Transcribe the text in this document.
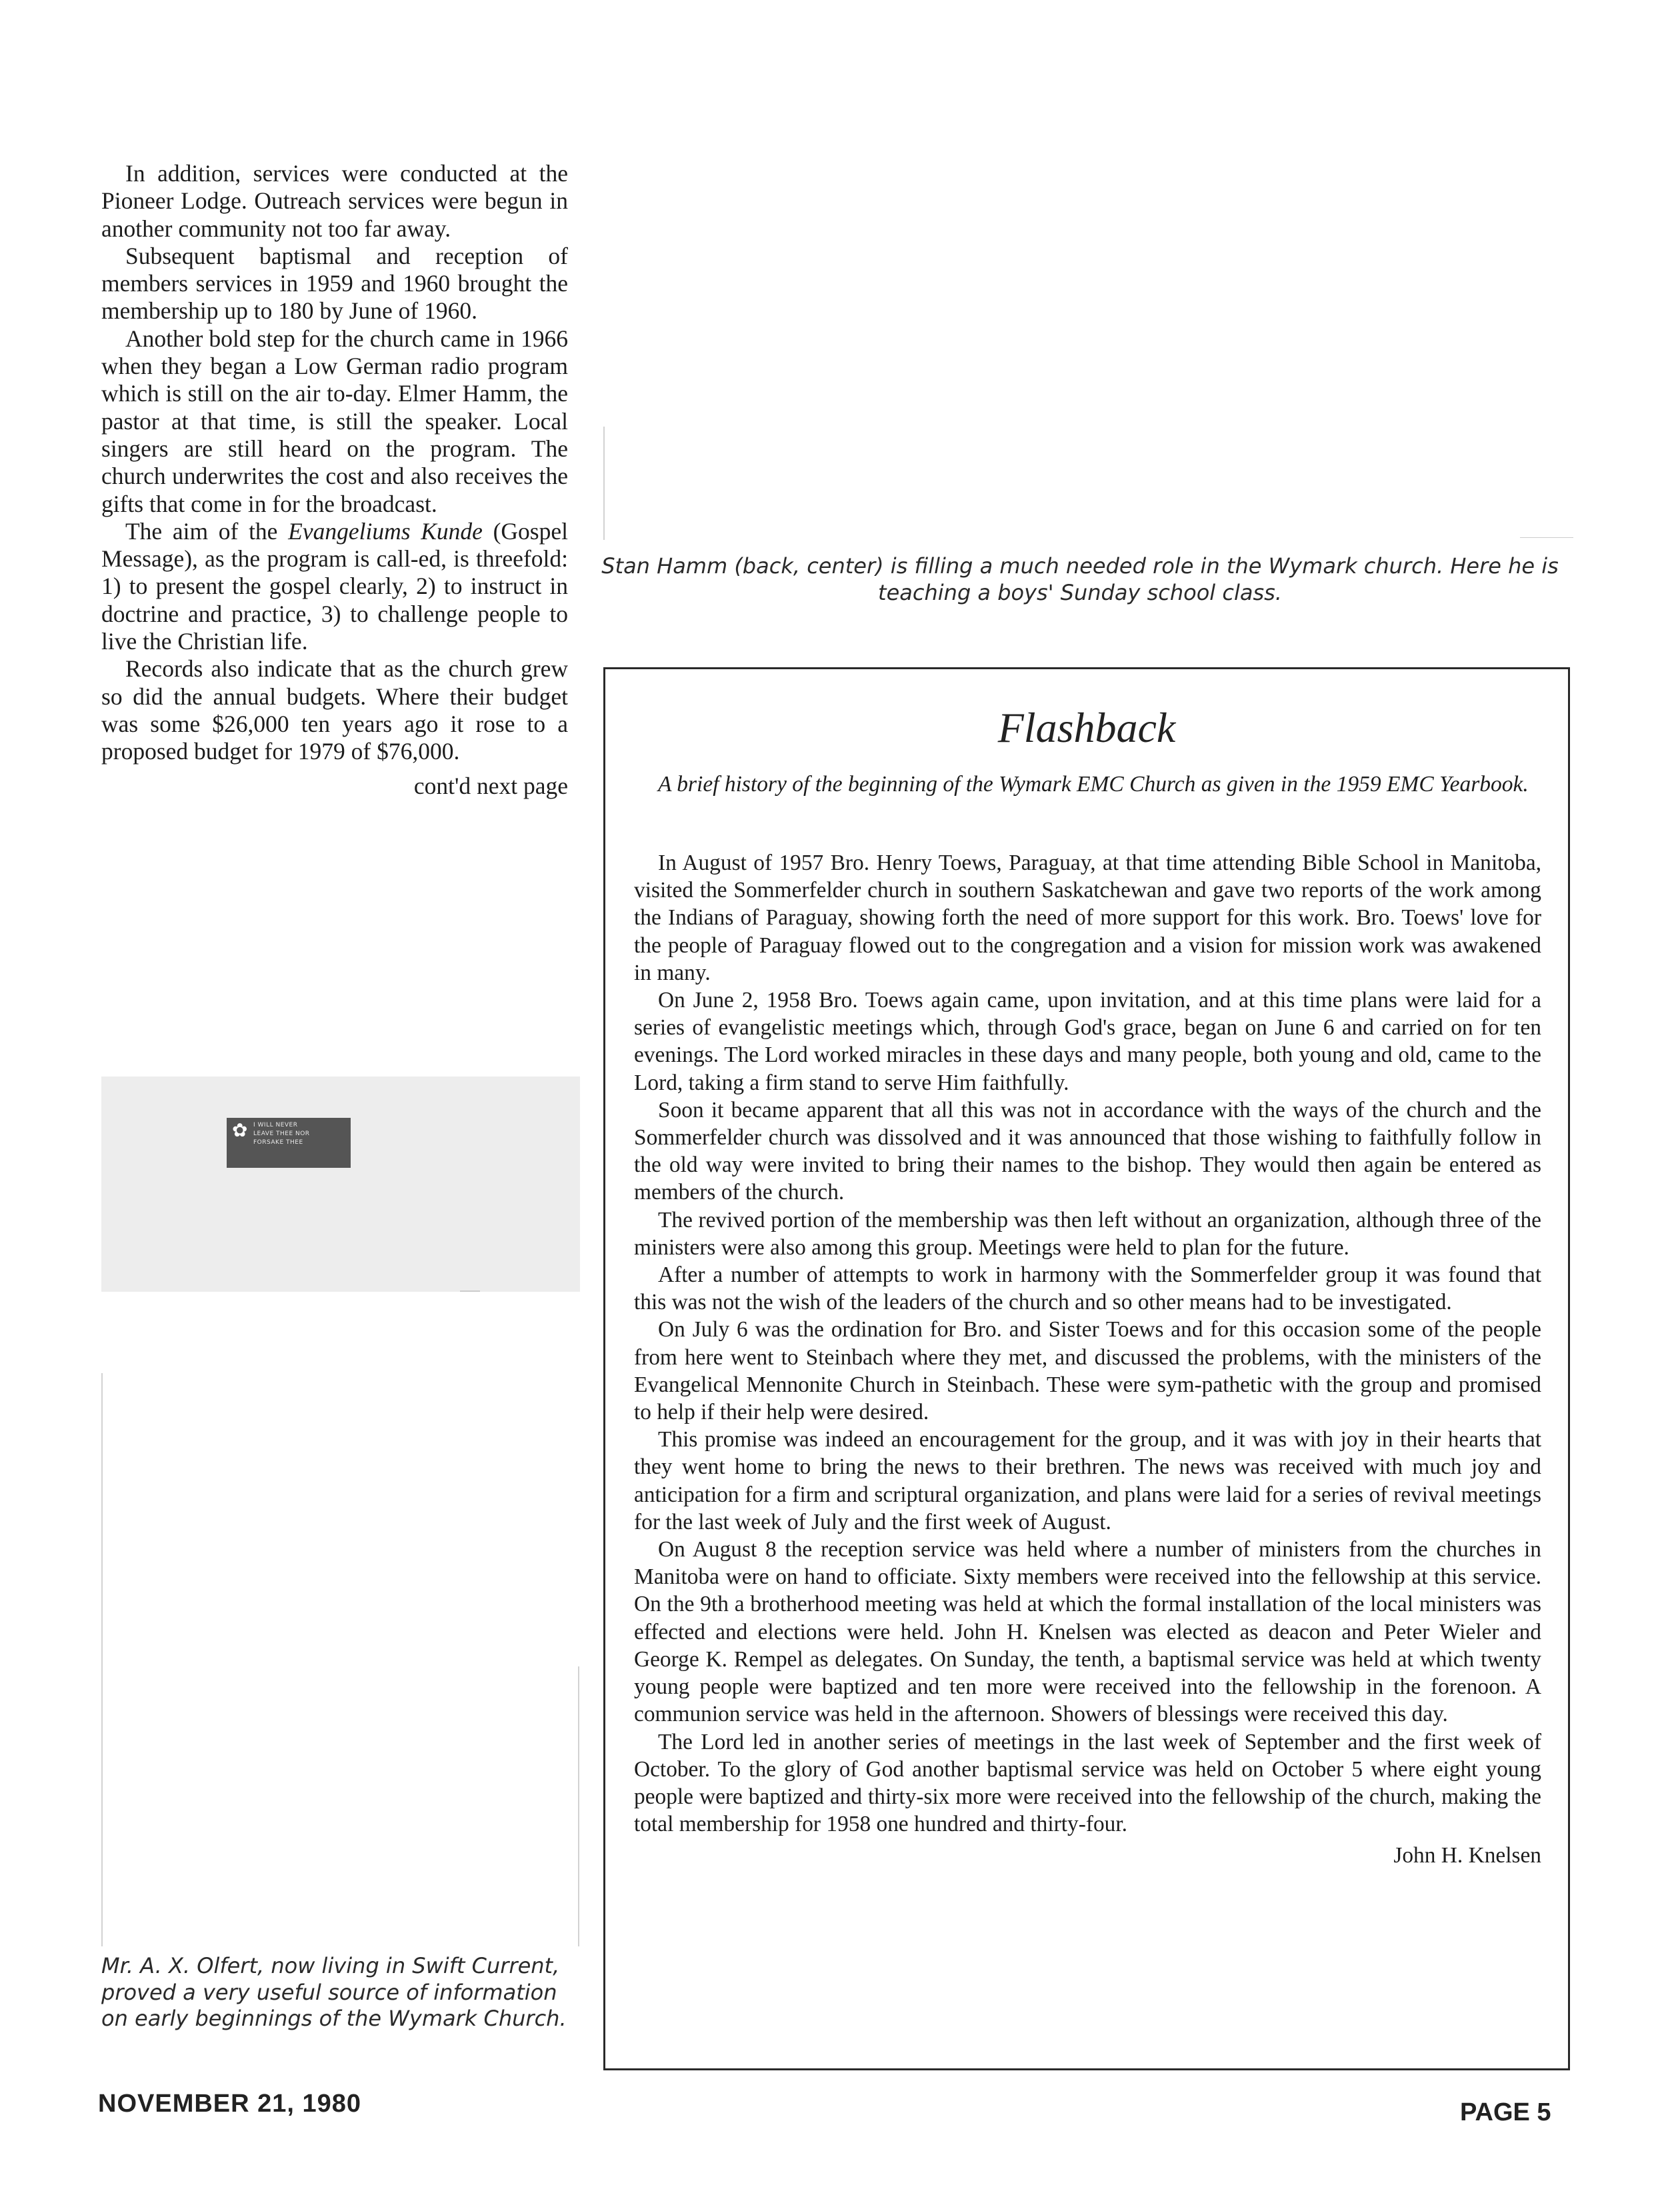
In addition, services were conducted at the Pioneer Lodge. Outreach services were begun in another community not too far away.

Subsequent baptismal and reception of members services in 1959 and 1960 brought the membership up to 180 by June of 1960.

Another bold step for the church came in 1966 when they began a Low German radio program which is still on the air to-day. Elmer Hamm, the pastor at that time, is still the speaker. Local singers are still heard on the program. The church underwrites the cost and also receives the gifts that come in for the broadcast.

The aim of the Evangeliums Kunde (Gospel Message), as the program is call-ed, is threefold: 1) to present the gospel clearly, 2) to instruct in doctrine and practice, 3) to challenge people to live the Christian life.

Records also indicate that as the church grew so did the annual budgets. Where their budget was some $26,000 ten years ago it rose to a proposed budget for 1979 of $76,000.

cont'd next page
✿ I WILL NEVER
LEAVE THEE NOR
FORSAKE THEE
Mr. A. X. Olfert, now living in Swift Current, proved a very useful source of information on early beginnings of the Wymark Church.
Stan Hamm (back, center) is filling a much needed role in the Wymark church. Here he is teaching a boys' Sunday school class.
Flashback

A brief history of the beginning of the Wymark EMC Church as given in the 1959 EMC Yearbook.

In August of 1957 Bro. Henry Toews, Paraguay, at that time attending Bible School in Manitoba, visited the Sommerfelder church in southern Saskatchewan and gave two reports of the work among the Indians of Paraguay, showing forth the need of more support for this work. Bro. Toews' love for the people of Paraguay flowed out to the congregation and a vision for mission work was awakened in many.

On June 2, 1958 Bro. Toews again came, upon invitation, and at this time plans were laid for a series of evangelistic meetings which, through God's grace, began on June 6 and carried on for ten evenings. The Lord worked miracles in these days and many people, both young and old, came to the Lord, taking a firm stand to serve Him faithfully.

Soon it became apparent that all this was not in accordance with the ways of the church and the Sommerfelder church was dissolved and it was announced that those wishing to faithfully follow in the old way were invited to bring their names to the bishop. They would then again be entered as members of the church.

The revived portion of the membership was then left without an organization, although three of the ministers were also among this group. Meetings were held to plan for the future.

After a number of attempts to work in harmony with the Sommerfelder group it was found that this was not the wish of the leaders of the church and so other means had to be investigated.

On July 6 was the ordination for Bro. and Sister Toews and for this occasion some of the people from here went to Steinbach where they met, and discussed the problems, with the ministers of the Evangelical Mennonite Church in Steinbach. These were sym-pathetic with the group and promised to help if their help were desired.

This promise was indeed an encouragement for the group, and it was with joy in their hearts that they went home to bring the news to their brethren. The news was received with much joy and anticipation for a firm and scriptural organization, and plans were laid for a series of revival meetings for the last week of July and the first week of August.

On August 8 the reception service was held where a number of ministers from the churches in Manitoba were on hand to officiate. Sixty members were received into the fellowship at this service. On the 9th a brotherhood meeting was held at which the formal installation of the local ministers was effected and elections were held. John H. Knelsen was elected as deacon and Peter Wieler and George K. Rempel as delegates. On Sunday, the tenth, a baptismal service was held at which twenty young people were baptized and ten more were received into the fellowship in the forenoon. A communion service was held in the afternoon. Showers of blessings were received this day.

The Lord led in another series of meetings in the last week of September and the first week of October. To the glory of God another baptismal service was held on October 5 where eight young people were baptized and thirty-six more were received into the fellowship of the church, making the total membership for 1958 one hundred and thirty-four.

John H. Knelsen
NOVEMBER 21, 1980	PAGE 5
